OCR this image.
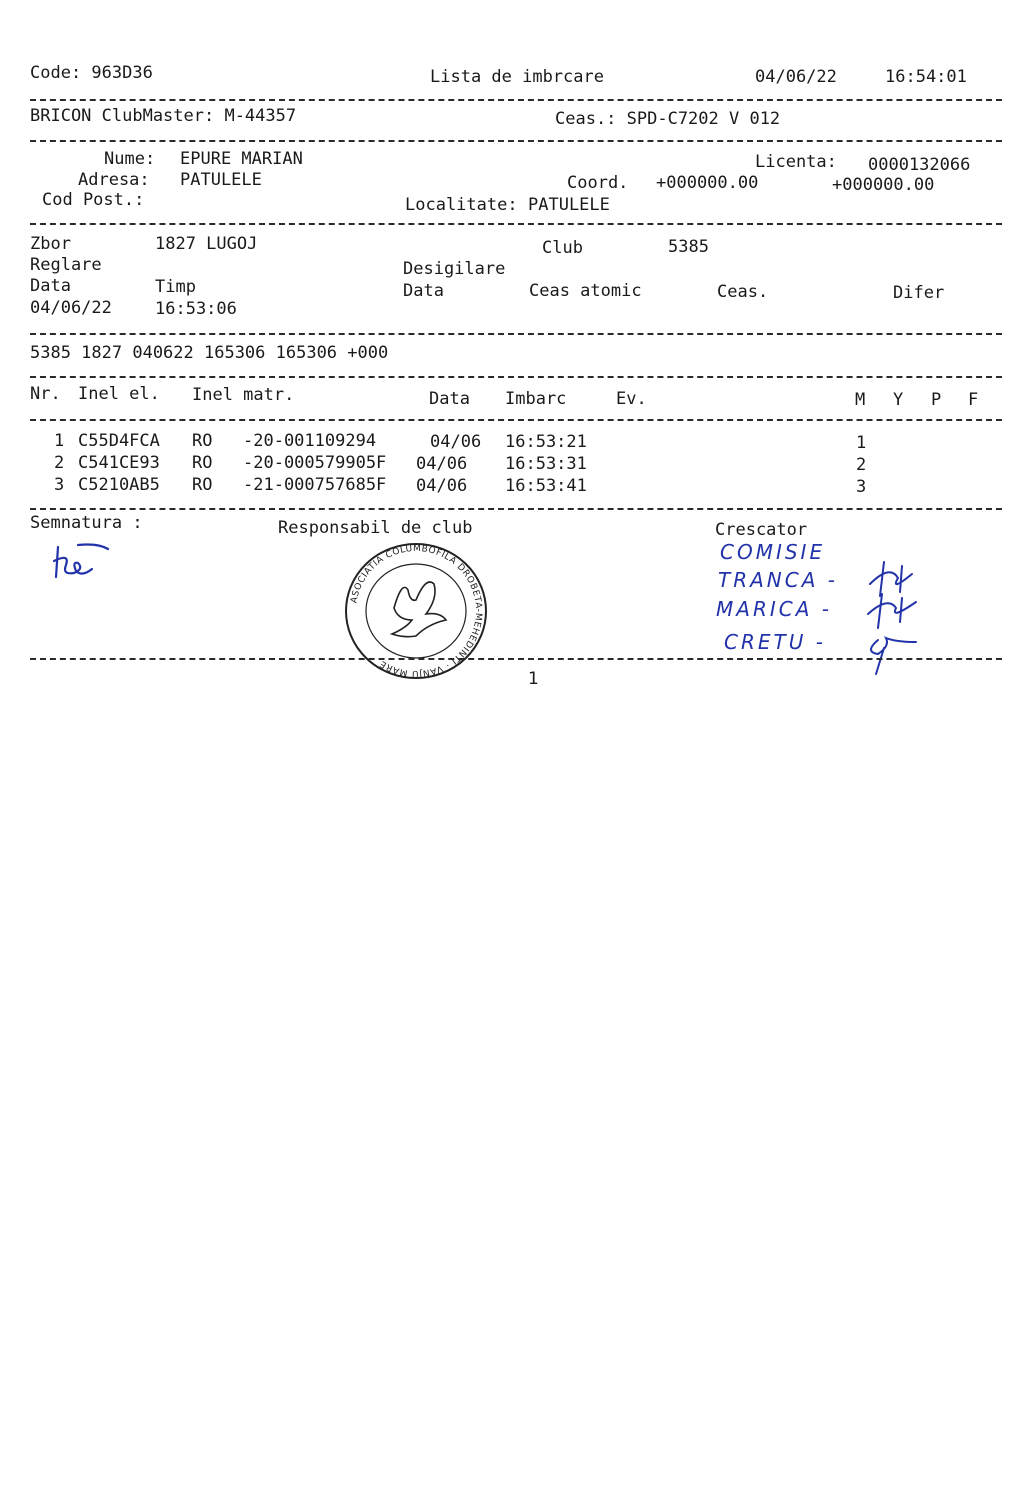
Code: 963D36	Lista de imbrcare	04/06/22	16:54:01
BRICON ClubMaster: M-44357	Ceas.: SPD-C7202 V 012
Nume: EPURE MARIAN
Adresa: PATULELE
Cod Post.:
Licenta: 0000132066
Coord. +000000.00	+000000.00
Localitate: PATULELE
Zbor	1827 LUGOJ	Club	5385
Reglare	Desigilare
Data	Timp	Data	Ceas atomic	Ceas.	Difer
04/06/22	16:53:06
5385 1827 040622 165306 165306 +000
Nr. Inel el. Inel matr.	Data Imbarc	Ev.	M Y P F
1 C55D4FCA RO -20-001109294	04/06 16:53:21	1
2 C541CE93 RO -20-000579905F 04/06 16:53:31	2
3 C5210AB5 RO -21-000757685F 04/06 16:53:41	3
Semnatura :	Responsabil de club	Crescator
ASOCIATIA COLUMBOFILA DROBETA-MEHEDINTI · VANJU MARE
COMISIE
TRANCA -
MARICA -
CRETU -
1
